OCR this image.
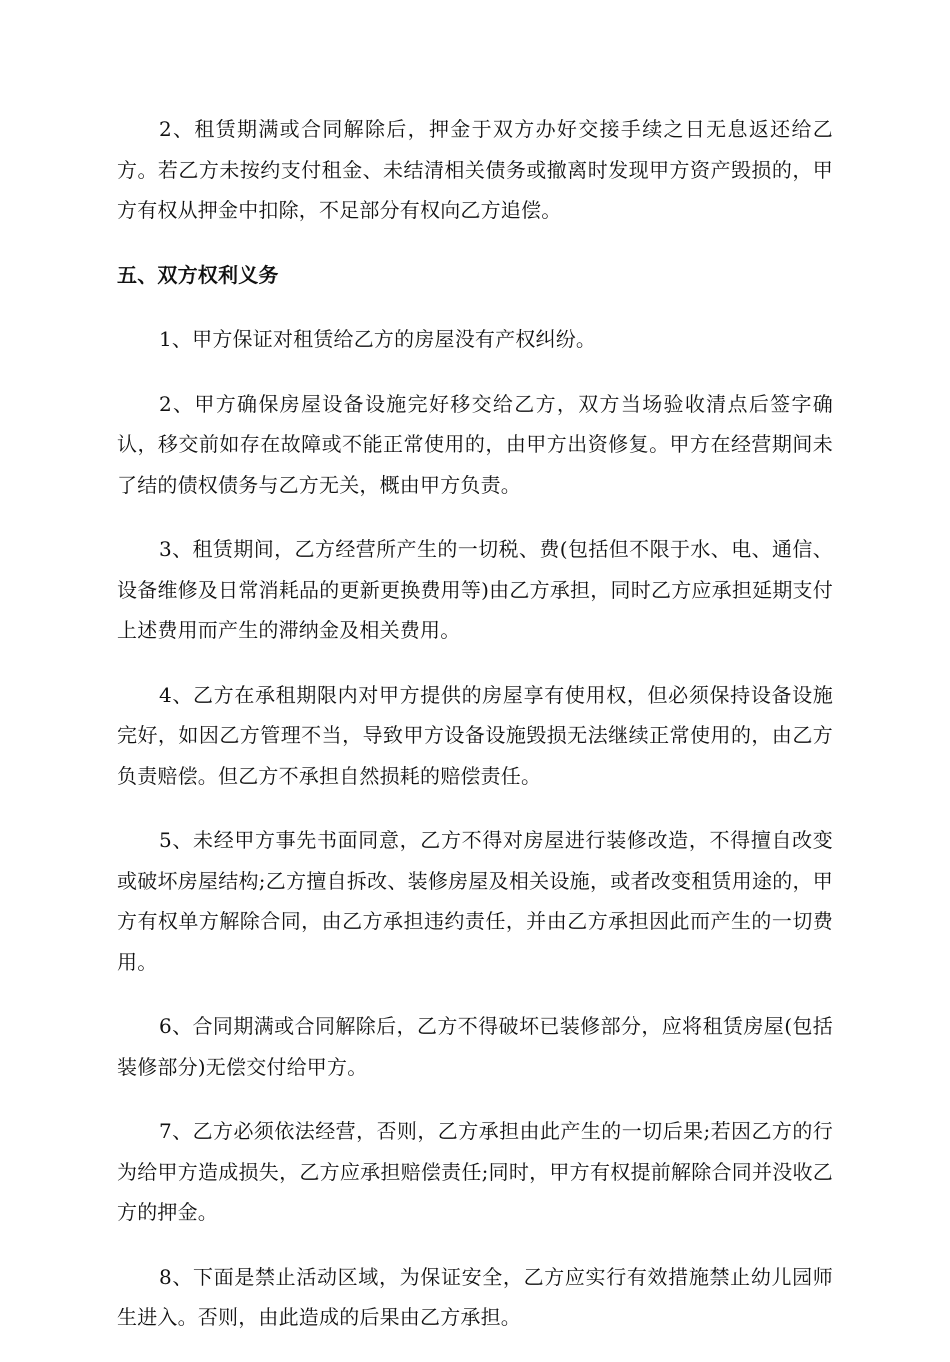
2、租赁期满或合同解除后，押金于双方办好交接手续之日无息返还给乙方。若乙方未按约支付租金、未结清相关债务或撤离时发现甲方资产毁损的，甲方有权从押金中扣除，不足部分有权向乙方追偿。

五、双方权利义务

1、甲方保证对租赁给乙方的房屋没有产权纠纷。

2、甲方确保房屋设备设施完好移交给乙方，双方当场验收清点后签字确认，移交前如存在故障或不能正常使用的，由甲方出资修复。甲方在经营期间未了结的债权债务与乙方无关，概由甲方负责。

3、租赁期间，乙方经营所产生的一切税、费(包括但不限于水、电、通信、设备维修及日常消耗品的更新更换费用等)由乙方承担，同时乙方应承担延期支付上述费用而产生的滞纳金及相关费用。

4、乙方在承租期限内对甲方提供的房屋享有使用权，但必须保持设备设施完好，如因乙方管理不当，导致甲方设备设施毁损无法继续正常使用的，由乙方负责赔偿。但乙方不承担自然损耗的赔偿责任。

5、未经甲方事先书面同意，乙方不得对房屋进行装修改造，不得擅自改变或破坏房屋结构;乙方擅自拆改、装修房屋及相关设施，或者改变租赁用途的，甲方有权单方解除合同，由乙方承担违约责任，并由乙方承担因此而产生的一切费用。

6、合同期满或合同解除后，乙方不得破坏已装修部分，应将租赁房屋(包括装修部分)无偿交付给甲方。

7、乙方必须依法经营，否则，乙方承担由此产生的一切后果;若因乙方的行为给甲方造成损失，乙方应承担赔偿责任;同时，甲方有权提前解除合同并没收乙方的押金。

8、下面是禁止活动区域，为保证安全，乙方应实行有效措施禁止幼儿园师生进入。否则，由此造成的后果由乙方承担。
